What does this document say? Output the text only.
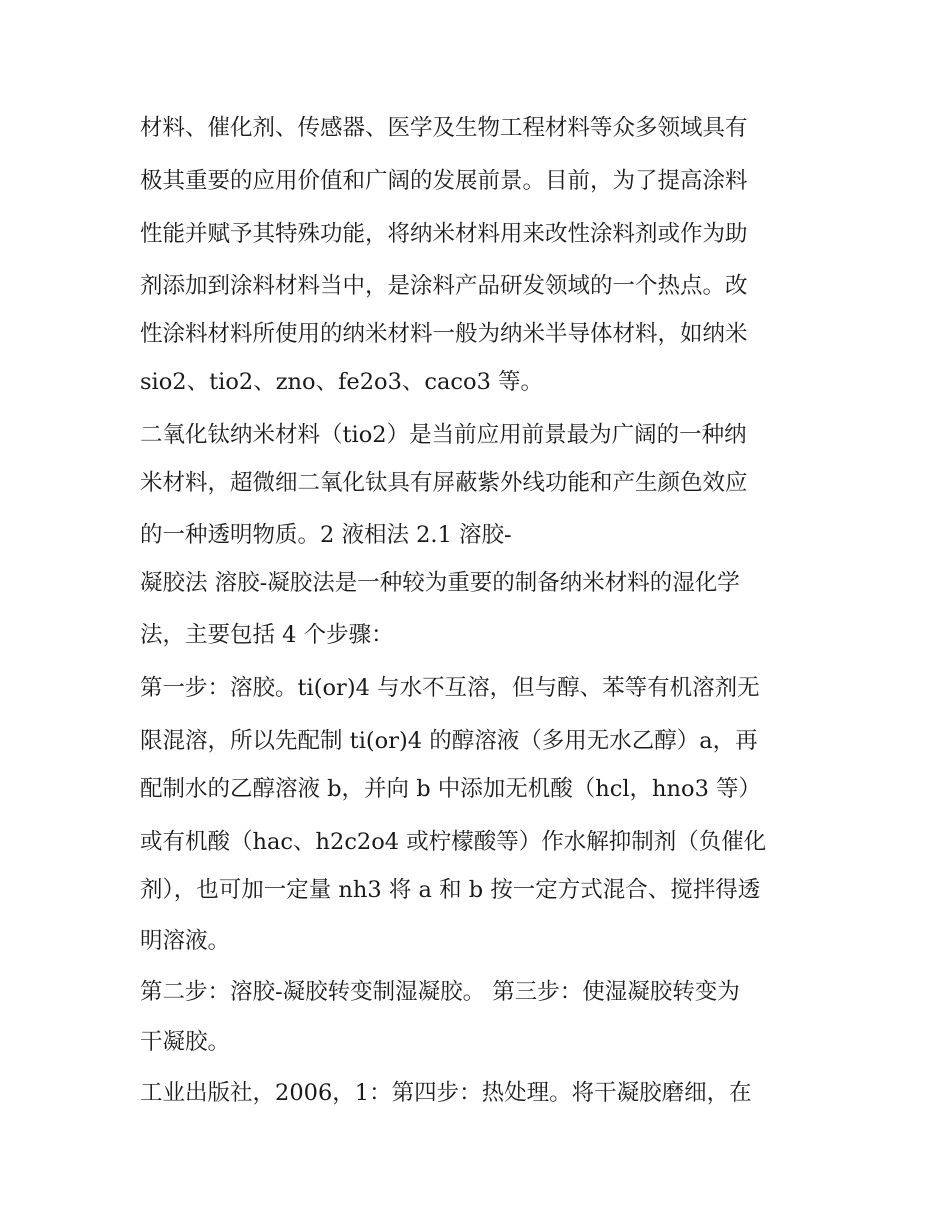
材料、催化剂、传感器、医学及生物工程材料等众多领域具有

极其重要的应用价值和广阔的发展前景。目前，为了提高涂料

性能并赋予其特殊功能，将纳米材料用来改性涂料剂或作为助

剂添加到涂料材料当中，是涂料产品研发领域的一个热点。改

性涂料材料所使用的纳米材料一般为纳米半导体材料，如纳米

sio2、tio2、zno、fe2o3、caco3 等。

二氧化钛纳米材料（tio2）是当前应用前景最为广阔的一种纳

米材料，超微细二氧化钛具有屏蔽紫外线功能和产生颜色效应

的一种透明物质。2 液相法 2.1 溶胶-

凝胶法 溶胶-凝胶法是一种较为重要的制备纳米材料的湿化学

法，主要包括 4 个步骤：

第一步：溶胶。ti(or)4 与水不互溶，但与醇、苯等有机溶剂无

限混溶，所以先配制 ti(or)4 的醇溶液（多用无水乙醇）a，再

配制水的乙醇溶液 b，并向 b 中添加无机酸（hcl，hno3 等）

或有机酸（hac、h2c2o4 或柠檬酸等）作水解抑制剂（负催化

剂），也可加一定量 nh3 将 a 和 b 按一定方式混合、搅拌得透

明溶液。

第二步：溶胶-凝胶转变制湿凝胶。 第三步：使湿凝胶转变为

干凝胶。

工业出版社，2006，1：第四步：热处理。将干凝胶磨细，在
